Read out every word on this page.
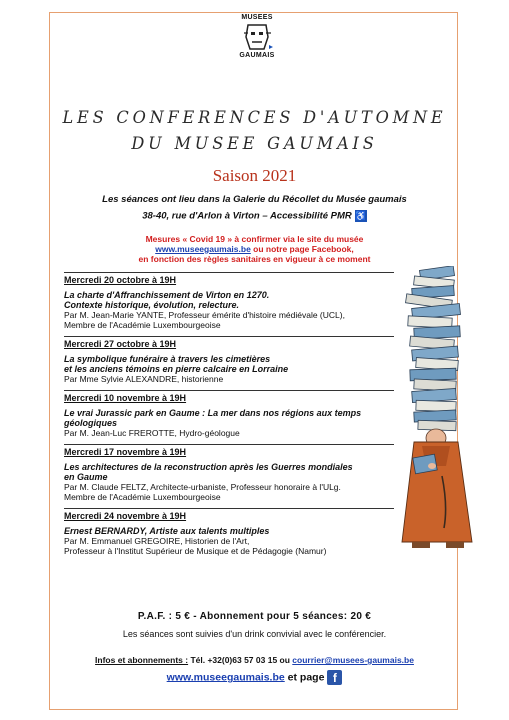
MUSEES
GAUMAIS
LES CONFERENCES D'AUTOMNE
DU MUSEE GAUMAIS
Saison 2021
Les séances ont lieu dans la Galerie du Récollet du Musée gaumais
38-40, rue d'Arlon à Virton – Accessibilité PMR ♿
Mesures « Covid 19 » à confirmer via le site du musée
www.museegaumais.be ou notre page Facebook,
en fonction des règles sanitaires en vigueur à ce moment
Mercredi 20 octobre à 19H
La charte d'Affranchissement de Virton en 1270.
Contexte historique, évolution, relecture.
Par M. Jean-Marie YANTE, Professeur émérite d'histoire médiévale (UCL),
Membre de l'Académie Luxembourgeoise
Mercredi 27 octobre à 19H
La symbolique funéraire à travers les cimetières
et les anciens témoins en pierre calcaire en Lorraine
Par Mme Sylvie ALEXANDRE, historienne
Mercredi 10 novembre à 19H
Le vrai Jurassic park en Gaume : La mer dans nos régions aux temps
géologiques
Par M. Jean-Luc FREROTTE, Hydro-géologue
Mercredi 17 novembre à 19H
Les architectures de la reconstruction après les Guerres mondiales
en Gaume
Par M. Claude FELTZ, Architecte-urbaniste, Professeur honoraire à l'ULg.
Membre de l'Académie Luxembourgeoise
Mercredi 24 novembre à 19H
Ernest BERNARDY, Artiste aux talents multiples
Par M. Emmanuel GREGOIRE, Historien de l'Art,
Professeur à l'Institut Supérieur de Musique et de Pédagogie (Namur)
P.A.F. : 5 € - Abonnement pour 5 séances: 20 €
Les séances sont suivies d'un drink convivial avec le conférencier.
Infos et abonnements : Tél. +32(0)63 57 03 15 ou courrier@musees-gaumais.be
www.museegaumais.be et page f
